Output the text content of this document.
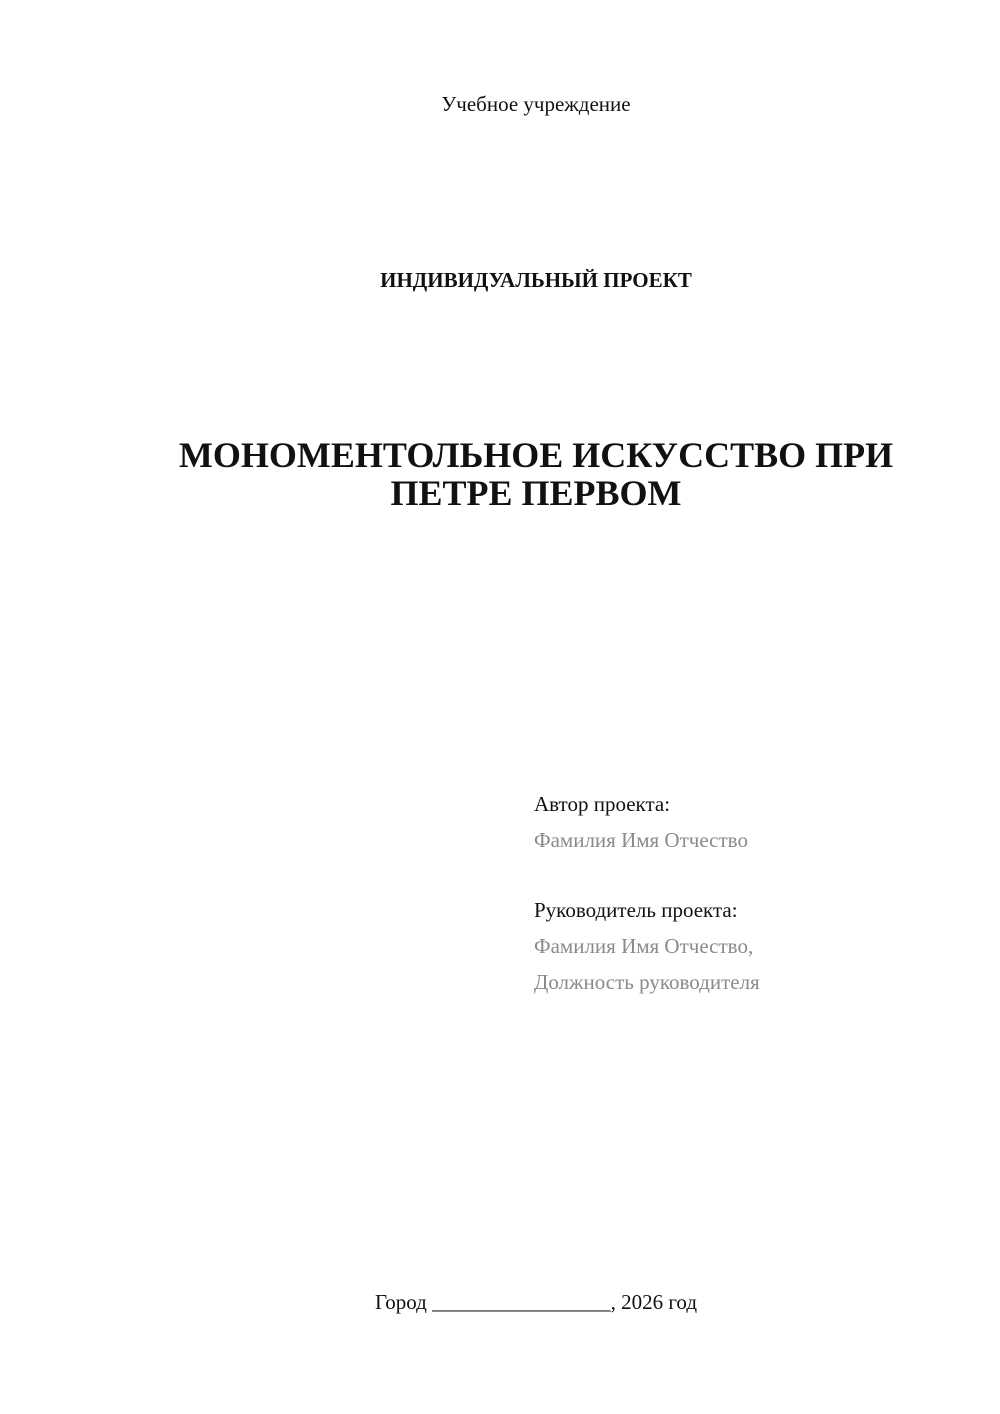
Учебное учреждение
ИНДИВИДУАЛЬНЫЙ ПРОЕКТ
МОНОМЕНТОЛЬНОЕ ИСКУССТВО ПРИ
ПЕТРЕ ПЕРВОМ
Автор проекта:
Фамилия Имя Отчество
Руководитель проекта:
Фамилия Имя Отчество,
Должность руководителя
Город _________________, 2026 год
